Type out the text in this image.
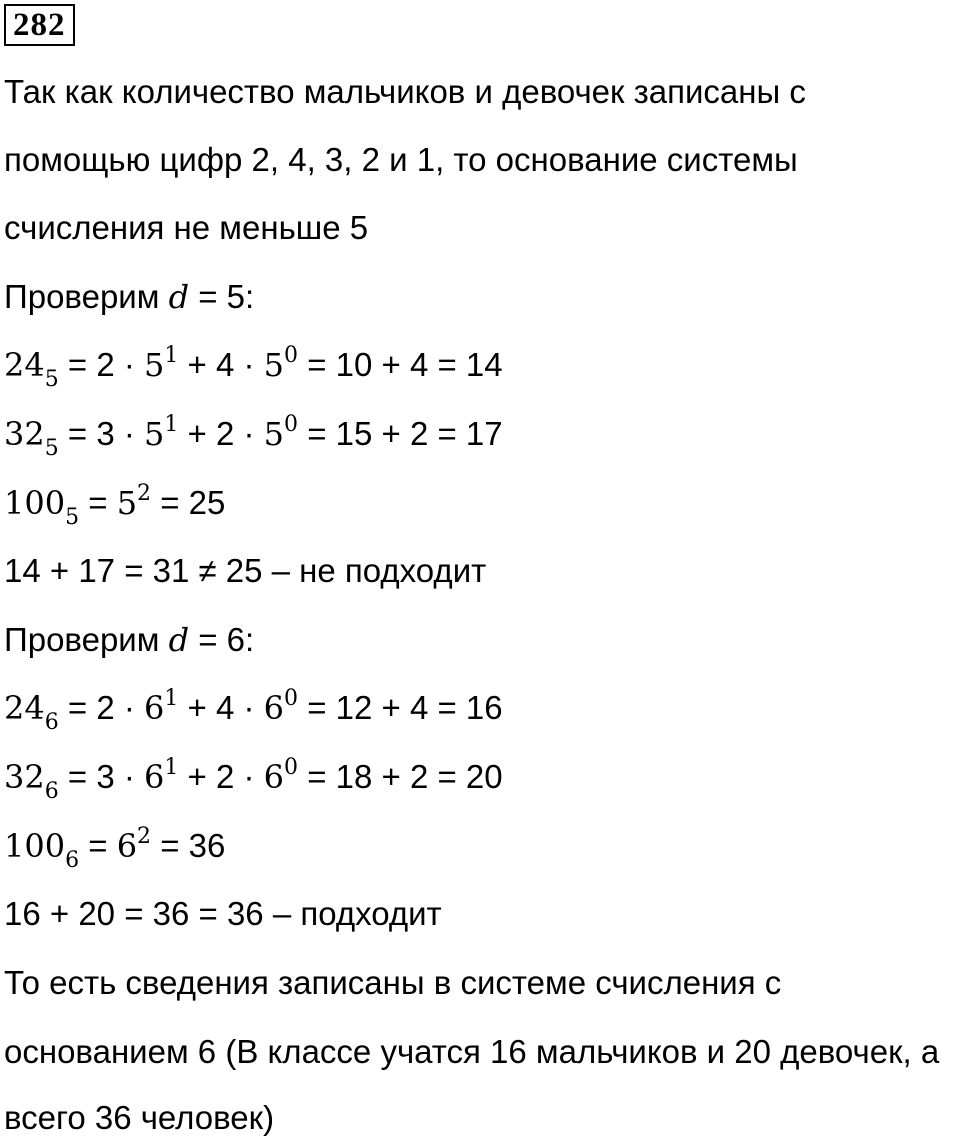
282
Так как количество мальчиков и девочек записаны с
помощью цифр 2, 4, 3, 2 и 1, то основание системы
счисления не меньше 5
Проверим d = 5:
$24_5 = 2 \cdot 5^1 + 4 \cdot 5^0 = 10 + 4 = 14$
$32_5 = 3 \cdot 5^1 + 2 \cdot 5^0 = 15 + 2 = 17$
$100_5 = 5^2 = 25$
14 + 17 = 31 ≠ 25 – не подходит
Проверим d = 6:
$24_6 = 2 \cdot 6^1 + 4 \cdot 6^0 = 12 + 4 = 16$
$32_6 = 3 \cdot 6^1 + 2 \cdot 6^0 = 18 + 2 = 20$
$100_6 = 6^2 = 36$
16 + 20 = 36 = 36 – подходит
То есть сведения записаны в системе счисления с
основанием 6 (В классе учатся 16 мальчиков и 20 девочек, а
всего 36 человек)
